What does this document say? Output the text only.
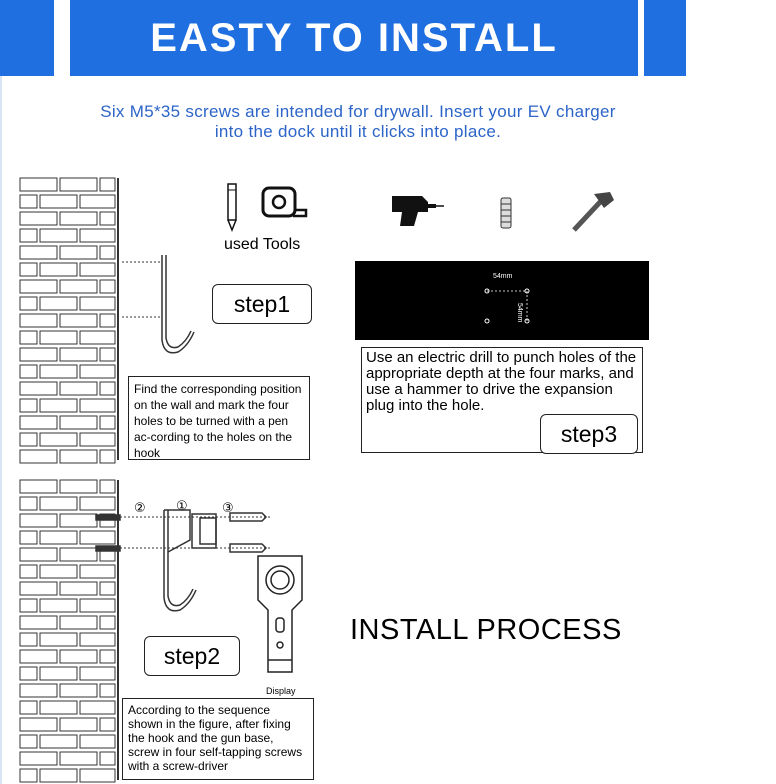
EASTY TO INSTALL
Six M5*35 screws are intended for drywall. Insert your EV charger
into the dock until it clicks into place.
used Tools
54mm
54mm
step1
step2
Find the corresponding position on the wall and mark the four holes to be turned with a pen ac-cording to the holes on the hook
Use an electric drill to punch holes of the appropriate depth at the four marks, and use a hammer to drive the expansion plug into the hole.
step3
② ①	③
Display
According to the sequence shown in the figure, after fixing the hook and the gun base, screw in four self-tapping screws with a screw-driver
INSTALL PROCESS
